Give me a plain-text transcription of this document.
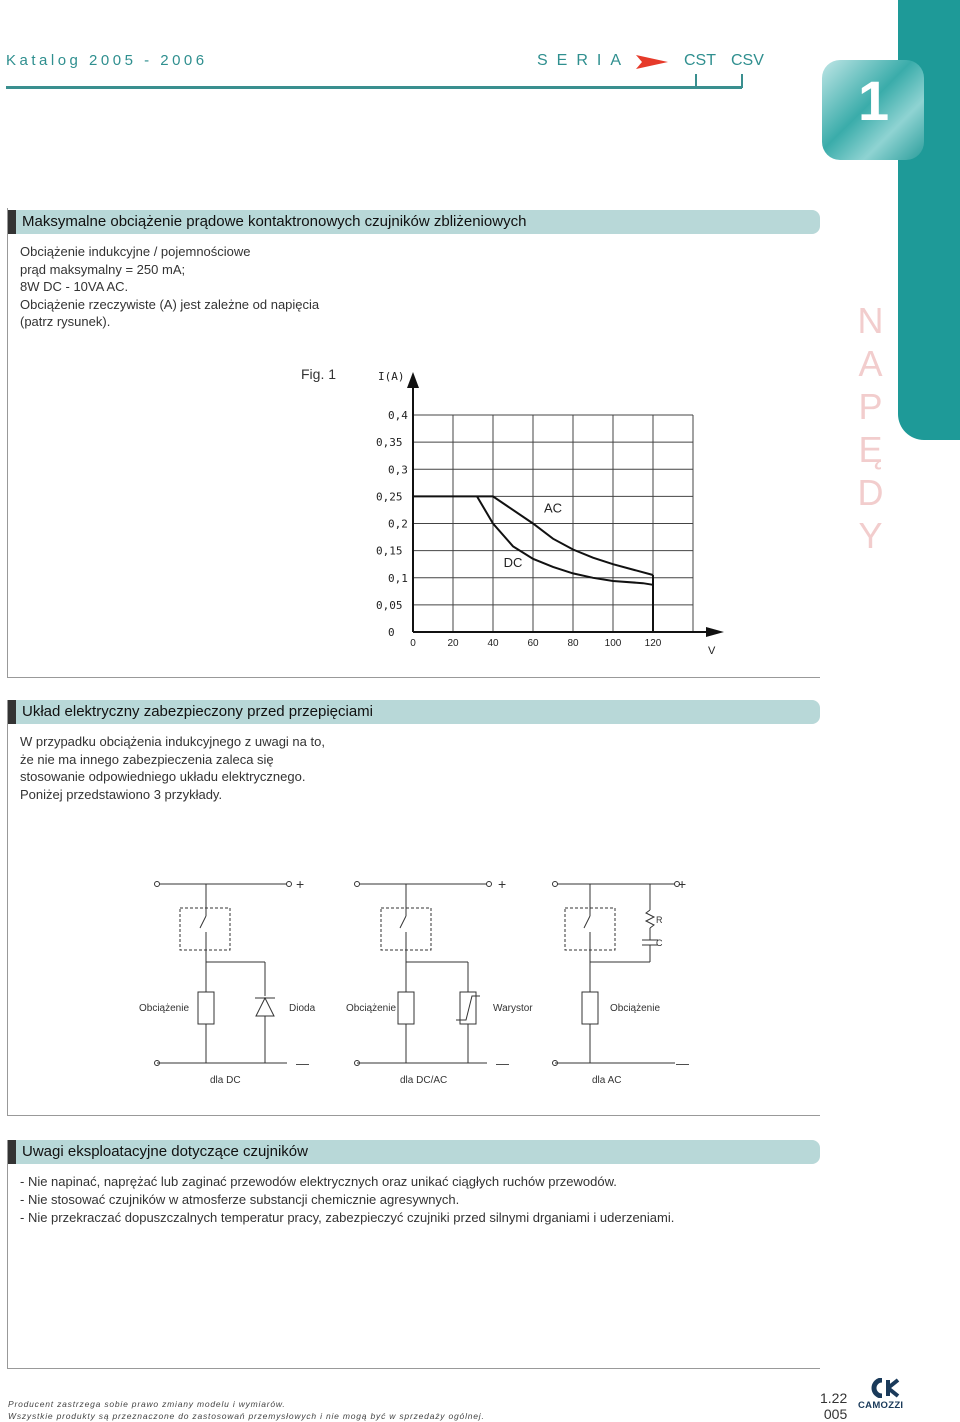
Katalog 2005 - 2006	SERIA	CST CSV
1
NAPĘDY
Maksymalne obciążenie prądowe kontaktronowych czujników zbliżeniowych
Obciążenie indukcyjne / pojemnościowe
prąd maksymalny = 250 mA;
8W DC - 10VA AC.
Obciążenie rzeczywiste (A) jest zależne od napięcia
(patrz rysunek).
Fig. 1
0,4
0,35
0,3
0,25
0,2
0,15
0,1
0,05
0
0	20	40	60	80	100 120
I(A)
V
DC
AC
Układ elektryczny zabezpieczony przed przepięciami
W przypadku obciążenia indukcyjnego z uwagi na to,
że nie ma innego zabezpieczenia zaleca się
stosowanie odpowiedniego układu elektrycznego.
Poniżej przedstawiono 3 przykłady.
+
—
Obciążenie	Dioda
dla DC
+
—
Obciążenie	Warystor
dla DC/AC
+
—
Obciążenie
R
C
dla AC
Uwagi eksploatacyjne dotyczące czujników
- Nie napinać, naprężać lub zaginać przewodów elektrycznych oraz unikać ciągłych ruchów przewodów.
- Nie stosować czujników w atmosferze substancji chemicznie agresywnych.
- Nie przekraczać dopuszczalnych temperatur pracy, zabezpieczyć czujniki przed silnymi drganiami i uderzeniami.
Producent zastrzega sobie prawo zmiany modelu i wymiarów.
Wszystkie produkty są przeznaczone do zastosowań przemysłowych i nie mogą być w sprzedaży ogólnej.
1.22
005
CAMOZZI
